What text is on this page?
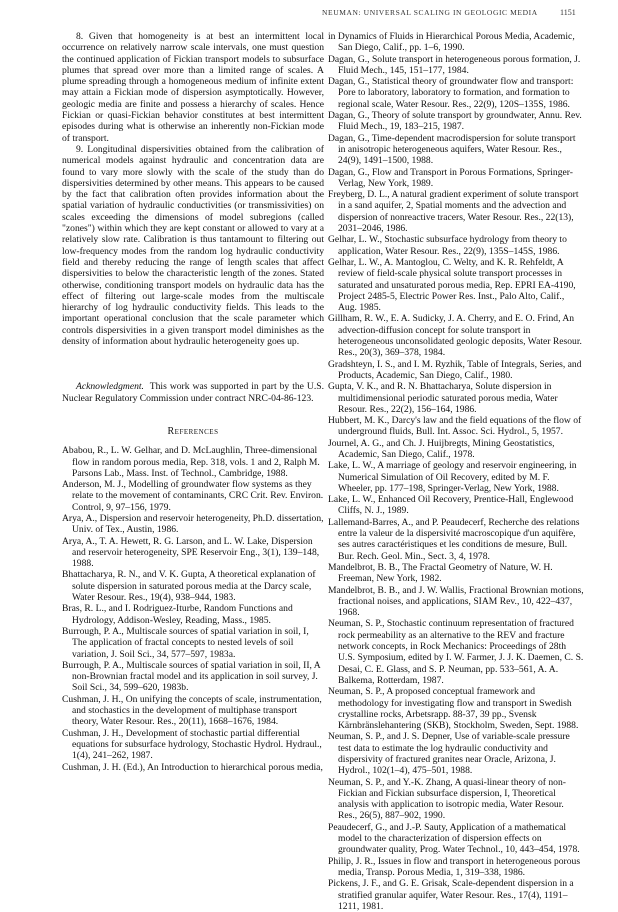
NEUMAN: UNIVERSAL SCALING IN GEOLOGIC MEDIA	1151

8. Given that homogeneity is at best an intermittent local occurrence on relatively narrow scale intervals, one must question the continued application of Fickian transport models to subsurface plumes that spread over more than a limited range of scales. A plume spreading through a homogeneous medium of infinite extent may attain a Fickian mode of dispersion asymptotically. However, geologic media are finite and possess a hierarchy of scales. Hence Fickian or quasi-Fickian behavior constitutes at best intermittent episodes during what is otherwise an inherently non-Fickian mode of transport.

9. Longitudinal dispersivities obtained from the calibration of numerical models against hydraulic and concentration data are found to vary more slowly with the scale of the study than do dispersivities determined by other means. This appears to be caused by the fact that calibration often provides information about the spatial variation of hydraulic conductivities (or transmissivities) on scales exceeding the dimensions of model subregions (called "zones") within which they are kept constant or allowed to vary at a relatively slow rate. Calibration is thus tantamount to filtering out low-frequency modes from the random log hydraulic conductivity field and thereby reducing the range of length scales that affect dispersivities to below the characteristic length of the zones. Stated otherwise, conditioning transport models on hydraulic data has the effect of filtering out large-scale modes from the multiscale hierarchy of log hydraulic conductivity fields. This leads to the important operational conclusion that the scale parameter which controls dispersivities in a given transport model diminishes as the density of information about hydraulic heterogeneity goes up.

Acknowledgment. This work was supported in part by the U.S. Nuclear Regulatory Commission under contract NRC-04-86-123.

References

Ababou, R., L. W. Gelhar, and D. McLaughlin, Three-dimensional flow in random porous media, Rep. 318, vols. 1 and 2, Ralph M. Parsons Lab., Mass. Inst. of Technol., Cambridge, 1988.

Anderson, M. J., Modelling of groundwater flow systems as they relate to the movement of contaminants, CRC Crit. Rev. Environ. Control, 9, 97–156, 1979.

Arya, A., Dispersion and reservoir heterogeneity, Ph.D. dissertation, Univ. of Tex., Austin, 1986.

Arya, A., T. A. Hewett, R. G. Larson, and L. W. Lake, Dispersion and reservoir heterogeneity, SPE Reservoir Eng., 3(1), 139–148, 1988.

Bhattacharya, R. N., and V. K. Gupta, A theoretical explanation of solute dispersion in saturated porous media at the Darcy scale, Water Resour. Res., 19(4), 938–944, 1983.

Bras, R. L., and I. Rodriguez-Iturbe, Random Functions and Hydrology, Addison-Wesley, Reading, Mass., 1985.

Burrough, P. A., Multiscale sources of spatial variation in soil, I, The application of fractal concepts to nested levels of soil variation, J. Soil Sci., 34, 577–597, 1983a.

Burrough, P. A., Multiscale sources of spatial variation in soil, II, A non-Brownian fractal model and its application in soil survey, J. Soil Sci., 34, 599–620, 1983b.

Cushman, J. H., On unifying the concepts of scale, instrumentation, and stochastics in the development of multiphase transport theory, Water Resour. Res., 20(11), 1668–1676, 1984.

Cushman, J. H., Development of stochastic partial differential equations for subsurface hydrology, Stochastic Hydrol. Hydraul., 1(4), 241–262, 1987.

Cushman, J. H. (Ed.), An Introduction to hierarchical porous media,

in Dynamics of Fluids in Hierarchical Porous Media, Academic, San Diego, Calif., pp. 1–6, 1990.

Dagan, G., Solute transport in heterogeneous porous formation, J. Fluid Mech., 145, 151–177, 1984.

Dagan, G., Statistical theory of groundwater flow and transport: Pore to laboratory, laboratory to formation, and formation to regional scale, Water Resour. Res., 22(9), 120S–135S, 1986.

Dagan, G., Theory of solute transport by groundwater, Annu. Rev. Fluid Mech., 19, 183–215, 1987.

Dagan, G., Time-dependent macrodispersion for solute transport in anisotropic heterogeneous aquifers, Water Resour. Res., 24(9), 1491–1500, 1988.

Dagan, G., Flow and Transport in Porous Formations, Springer-Verlag, New York, 1989.

Freyberg, D. L., A natural gradient experiment of solute transport in a sand aquifer, 2, Spatial moments and the advection and dispersion of nonreactive tracers, Water Resour. Res., 22(13), 2031–2046, 1986.

Gelhar, L. W., Stochastic subsurface hydrology from theory to application, Water Resour. Res., 22(9), 135S–145S, 1986.

Gelhar, L. W., A. Mantoglou, C. Welty, and K. R. Rehfeldt, A review of field-scale physical solute transport processes in saturated and unsaturated porous media, Rep. EPRI EA-4190, Project 2485-5, Electric Power Res. Inst., Palo Alto, Calif., Aug. 1985.

Gillham, R. W., E. A. Sudicky, J. A. Cherry, and E. O. Frind, An advection-diffusion concept for solute transport in heterogeneous unconsolidated geologic deposits, Water Resour. Res., 20(3), 369–378, 1984.

Gradshteyn, I. S., and I. M. Ryzhik, Table of Integrals, Series, and Products, Academic, San Diego, Calif., 1980.

Gupta, V. K., and R. N. Bhattacharya, Solute dispersion in multidimensional periodic saturated porous media, Water Resour. Res., 22(2), 156–164, 1986.

Hubbert, M. K., Darcy's law and the field equations of the flow of underground fluids, Bull. Int. Assoc. Sci. Hydrol., 5, 1957.

Journel, A. G., and Ch. J. Huijbregts, Mining Geostatistics, Academic, San Diego, Calif., 1978.

Lake, L. W., A marriage of geology and reservoir engineering, in Numerical Simulation of Oil Recovery, edited by M. F. Wheeler, pp. 177–198, Springer-Verlag, New York, 1988.

Lake, L. W., Enhanced Oil Recovery, Prentice-Hall, Englewood Cliffs, N. J., 1989.

Lallemand-Barres, A., and P. Peaudecerf, Recherche des relations entre la valeur de la dispersivité macroscopique d'un aquifère, ses autres caractéristiques et les conditions de mesure, Bull. Bur. Rech. Geol. Min., Sect. 3, 4, 1978.

Mandelbrot, B. B., The Fractal Geometry of Nature, W. H. Freeman, New York, 1982.

Mandelbrot, B. B., and J. W. Wallis, Fractional Brownian motions, fractional noises, and applications, SIAM Rev., 10, 422–437, 1968.

Neuman, S. P., Stochastic continuum representation of fractured rock permeability as an alternative to the REV and fracture network concepts, in Rock Mechanics: Proceedings of 28th U.S. Symposium, edited by I. W. Farmer, J. J. K. Daemen, C. S. Desai, C. E. Glass, and S. P. Neuman, pp. 533–561, A. A. Balkema, Rotterdam, 1987.

Neuman, S. P., A proposed conceptual framework and methodology for investigating flow and transport in Swedish crystalline rocks, Arbetsrapp. 88-37, 39 pp., Svensk Kärnbränslehantering (SKB), Stockholm, Sweden, Sept. 1988.

Neuman, S. P., and J. S. Depner, Use of variable-scale pressure test data to estimate the log hydraulic conductivity and dispersivity of fractured granites near Oracle, Arizona, J. Hydrol., 102(1–4), 475–501, 1988.

Neuman, S. P., and Y.-K. Zhang, A quasi-linear theory of non-Fickian and Fickian subsurface dispersion, I, Theoretical analysis with application to isotropic media, Water Resour. Res., 26(5), 887–902, 1990.

Peaudecerf, G., and J.-P. Sauty, Application of a mathematical model to the characterization of dispersion effects on groundwater quality, Prog. Water Technol., 10, 443–454, 1978.

Philip, J. R., Issues in flow and transport in heterogeneous porous media, Transp. Porous Media, 1, 319–338, 1986.

Pickens, J. F., and G. E. Grisak, Scale-dependent dispersion in a stratified granular aquifer, Water Resour. Res., 17(4), 1191–1211, 1981.
